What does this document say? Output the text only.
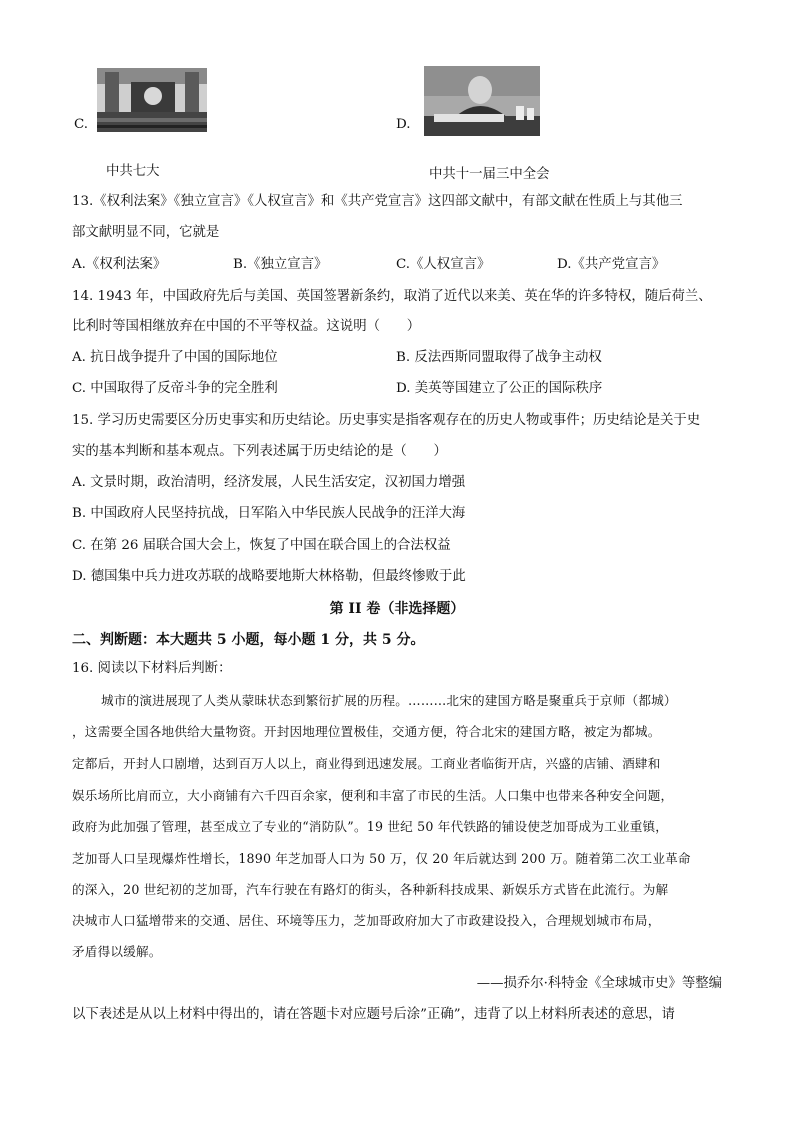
C.
中共七大
D.
中共十一届三中全会
13.《权利法案》《独立宣言》《人权宣言》和《共产党宣言》这四部文献中，有部文献在性质上与其他三
部文献明显不同，它就是
A.《权利法案》	B.《独立宣言》	C.《人权宣言》	D.《共产党宣言》
14. 1943 年，中国政府先后与美国、英国签署新条约，取消了近代以来美、英在华的许多特权，随后荷兰、
比利时等国相继放弃在中国的不平等权益。这说明（　　）
A. 抗日战争提升了中国的国际地位	B. 反法西斯同盟取得了战争主动权
C. 中国取得了反帝斗争的完全胜利	D. 美英等国建立了公正的国际秩序
15. 学习历史需要区分历史事实和历史结论。历史事实是指客观存在的历史人物或事件；历史结论是关于史
实的基本判断和基本观点。下列表述属于历史结论的是（　　）
A. 文景时期，政治清明，经济发展，人民生活安定，汉初国力增强
B. 中国政府人民坚持抗战，日军陷入中华民族人民战争的汪洋大海
C. 在第 26 届联合国大会上，恢复了中国在联合国上的合法权益
D. 德国集中兵力进攻苏联的战略要地斯大林格勒，但最终惨败于此
第 II 卷（非选择题）
二、判断题：本大题共 5 小题，每小题 1 分，共 5 分。
16. 阅读以下材料后判断：
城市的演进展现了人类从蒙昧状态到繁衍扩展的历程。………北宋的建国方略是聚重兵于京师（都城）
，这需要全国各地供给大量物资。开封因地理位置极佳，交通方便，符合北宋的建国方略，被定为都城。
定都后，开封人口剧增，达到百万人以上，商业得到迅速发展。工商业者临街开店，兴盛的店铺、酒肆和
娱乐场所比肩而立，大小商铺有六千四百余家，便利和丰富了市民的生活。人口集中也带来各种安全问题，
政府为此加强了管理，甚至成立了专业的“消防队”。19 世纪 50 年代铁路的铺设使芝加哥成为工业重镇，
芝加哥人口呈现爆炸性增长，1890 年芝加哥人口为 50 万，仅 20 年后就达到 200 万。随着第二次工业革命
的深入，20 世纪初的芝加哥，汽车行驶在有路灯的街头，各种新科技成果、新娱乐方式皆在此流行。为解
决城市人口猛增带来的交通、居住、环境等压力，芝加哥政府加大了市政建设投入，合理规划城市布局，
矛盾得以缓解。
——损乔尔·科特金《全球城市史》等整编
以下表述是从以上材料中得出的，请在答题卡对应题号后涂”正确”，违背了以上材料所表述的意思，请
